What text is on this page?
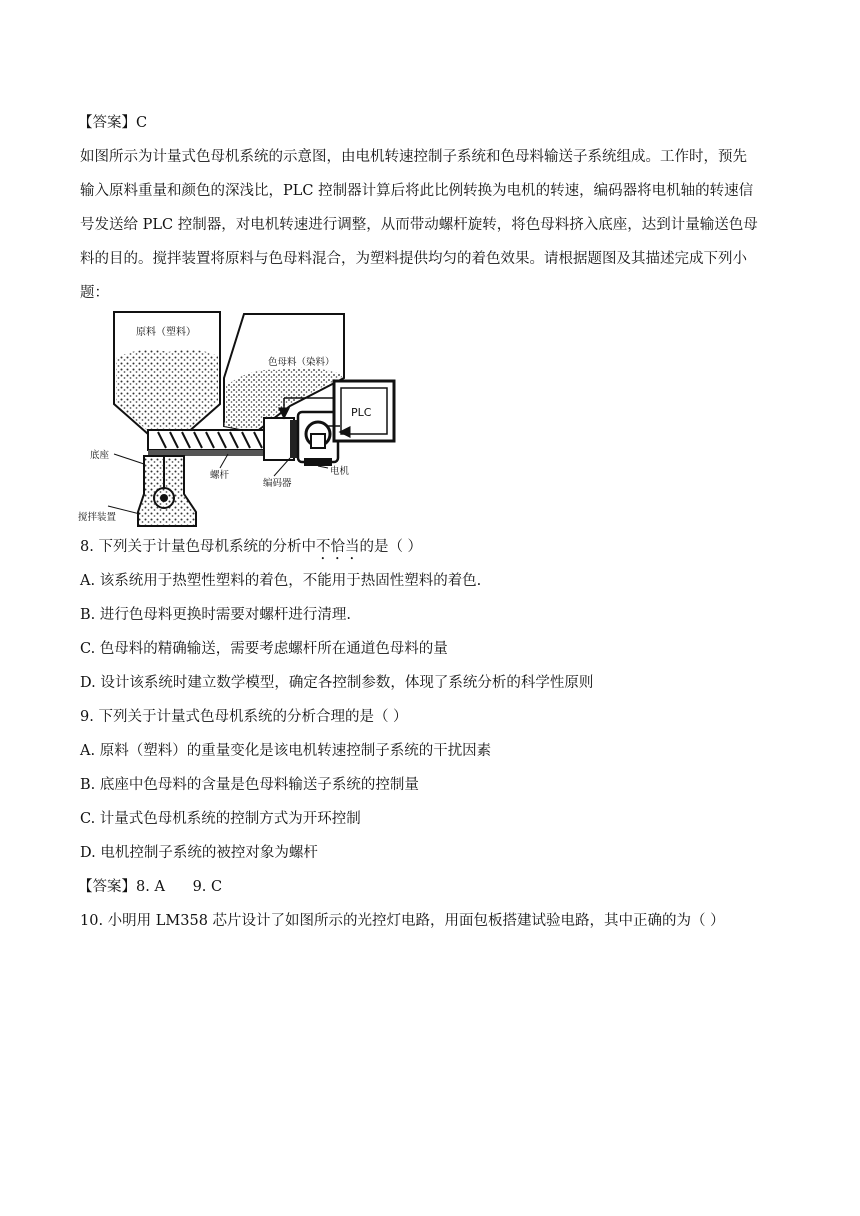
【答案】C
如图所示为计量式色母机系统的示意图，由电机转速控制子系统和色母料输送子系统组成。工作时，预先
输入原料重量和颜色的深浅比，PLC 控制器计算后将此比例转换为电机的转速，编码器将电机轴的转速信
号发送给 PLC 控制器，对电机转速进行调整，从而带动螺杆旋转，将色母料挤入底座，达到计量输送色母
料的目的。搅拌装置将原料与色母料混合，为塑料提供均匀的着色效果。请根据题图及其描述完成下列小
题：
原料（塑料）
色母料（染料）
PLC
底座
螺杆
编码器
电机
搅拌装置
8. 下列关于计量色母机系统的分析中不恰当的是（ ）
A. 该系统用于热塑性塑料的着色，不能用于热固性塑料的着色.
B. 进行色母料更换时需要对螺杆进行清理.
C. 色母料的精确输送，需要考虑螺杆所在通道色母料的量
D. 设计该系统时建立数学模型，确定各控制参数，体现了系统分析的科学性原则
9. 下列关于计量式色母机系统的分析合理的是（ ）
A. 原料（塑料）的重量变化是该电机转速控制子系统的干扰因素
B. 底座中色母料的含量是色母料输送子系统的控制量
C. 计量式色母机系统的控制方式为开环控制
D. 电机控制子系统的被控对象为螺杆
【答案】8. A      9. C
10. 小明用 LM358 芯片设计了如图所示的光控灯电路，用面包板搭建试验电路，其中正确的为（ ）
